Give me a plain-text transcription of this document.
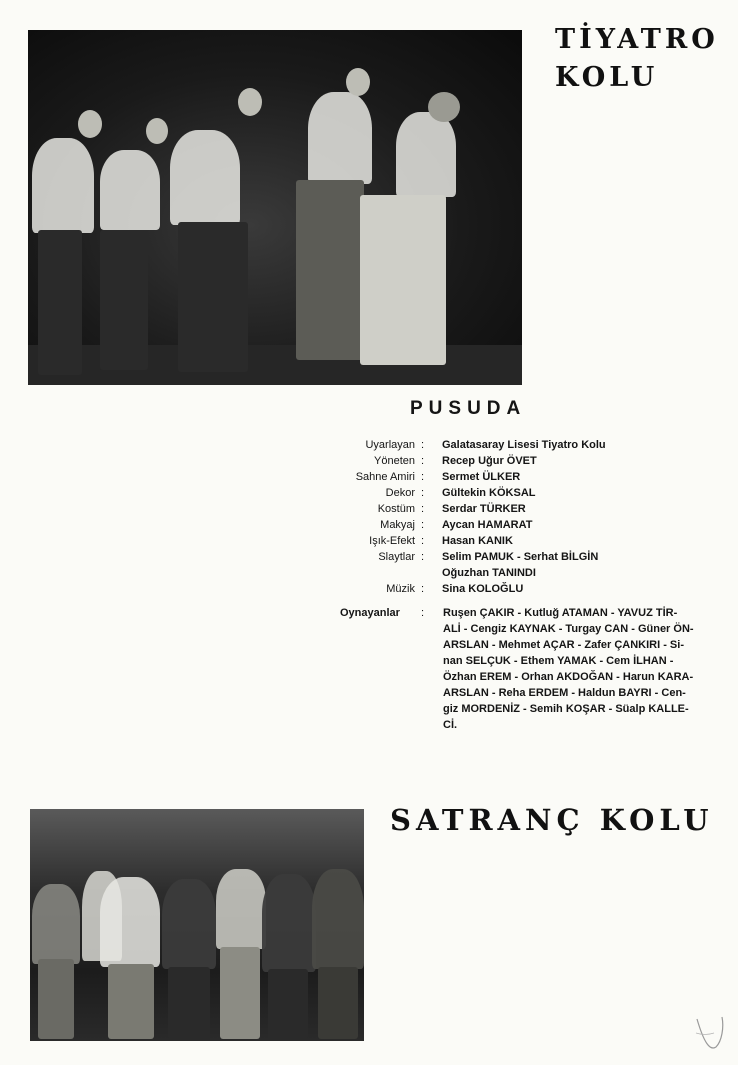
TİYATRO
KOLU
PUSUDA
Uyarlayan :	Galatasaray Lisesi Tiyatro Kolu
Yöneten :	Recep Uğur ÖVET
Sahne Amiri :	Sermet ÜLKER
Dekor :	Gültekin KÖKSAL
Kostüm :	Serdar TÜRKER
Makyaj :	Aycan HAMARAT
Işık-Efekt :	Hasan KANIK
Slaytlar :	Selim PAMUK - Serhat BİLGİN
Oğuzhan TANINDI
Müzik :	Sina KOLOĞLU
Oynayanlar	:	Ruşen ÇAKIR - Kutluğ ATAMAN - YAVUZ TİR-
ALİ - Cengiz KAYNAK - Turgay CAN - Güner ÖN-
ARSLAN - Mehmet AÇAR - Zafer ÇANKIRI - Si-
nan SELÇUK - Ethem YAMAK - Cem İLHAN -
Özhan EREM - Orhan AKDOĞAN - Harun KARA-
ARSLAN - Reha ERDEM - Haldun BAYRI - Cen-
giz MORDENİZ - Semih KOŞAR - Süalp KALLE-
Cİ.
SATRANÇ KOLU
